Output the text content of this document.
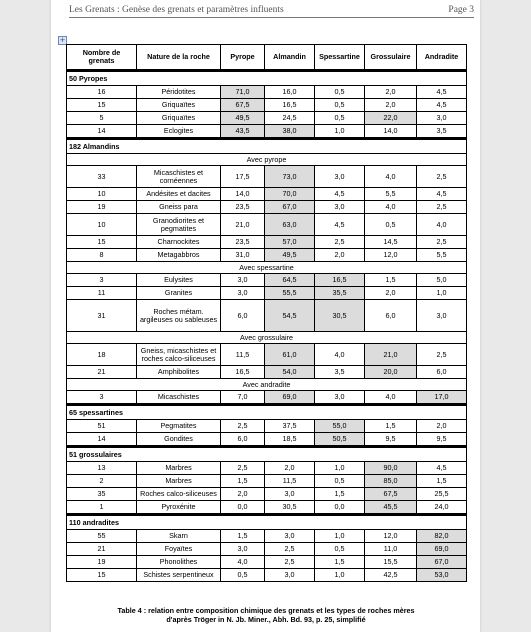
Les Grenats : Genèse des grenats et paramètres influents	Page 3
+
Nombre de grenats	Nature de la roche	Pyrope	Almandin	Spessartine	Grossulaire	Andradite
50 Pyropes						
16	Péridotites	71,0	16,0	0,5	2,0	4,5
15	Griquaïtes	67,5	16,5	0,5	2,0	4,5
5	Griquaïtes	49,5	24,5	0,5	22,0	3,0
14	Eclogites	43,5	38,0	1,0	14,0	3,5
182 Almandins						
Avec pyrope						
33	Micaschistes et cornéennes	17,5	73,0	3,0	4,0	2,5
10	Andésites et dacites	14,0	70,0	4,5	5,5	4,5
19	Gneiss para	23,5	67,0	3,0	4,0	2,5
10	Granodiorites et pegmatites	21,0	63,0	4,5	0,5	4,0
15	Charnockites	23,5	57,0	2,5	14,5	2,5
8	Metagabbros	31,0	49,5	2,0	12,0	5,5
Avec spessartine						
3	Eulysites	3,0	64,5	16,5	1,5	5,0
11	Granites	3,0	55,5	35,5	2,0	1,0
31	Roches métam. argileuses ou sableuses	6,0	54,5	30,5	6,0	3,0
Avec grossulaire						
18	Gneiss, micaschistes et roches calco-siliceuses	11,5	61,0	4,0	21,0	2,5
21	Amphibolites	16,5	54,0	3,5	20,0	6,0
Avec andradite						
3	Micaschistes	7,0	69,0	3,0	4,0	17,0
65 spessartines						
51	Pegmatites	2,5	37,5	55,0	1,5	2,0
14	Gondites	6,0	18,5	50,5	9,5	9,5
51 grossulaires						
13	Marbres	2,5	2,0	1,0	90,0	4,5
2	Marbres	1,5	11,5	0,5	85,0	1,5
35	Roches calco-siliceuses	2,0	3,0	1,5	67,5	25,5
1	Pyroxénite	0,0	30,5	0,0	45,5	24,0
110 andradites						
55	Skarn	1,5	3,0	1,0	12,0	82,0
21	Foyaïtes	3,0	2,5	0,5	11,0	69,0
19	Phonolithes	4,0	2,5	1,5	15,5	67,0
15	Schistes serpentineux	0,5	3,0	1,0	42,5	53,0
Table 4 : relation entre composition chimique des grenats et les types de roches mères
d'après Tröger in N. Jb. Miner., Abh. Bd. 93, p. 25, simplifié
